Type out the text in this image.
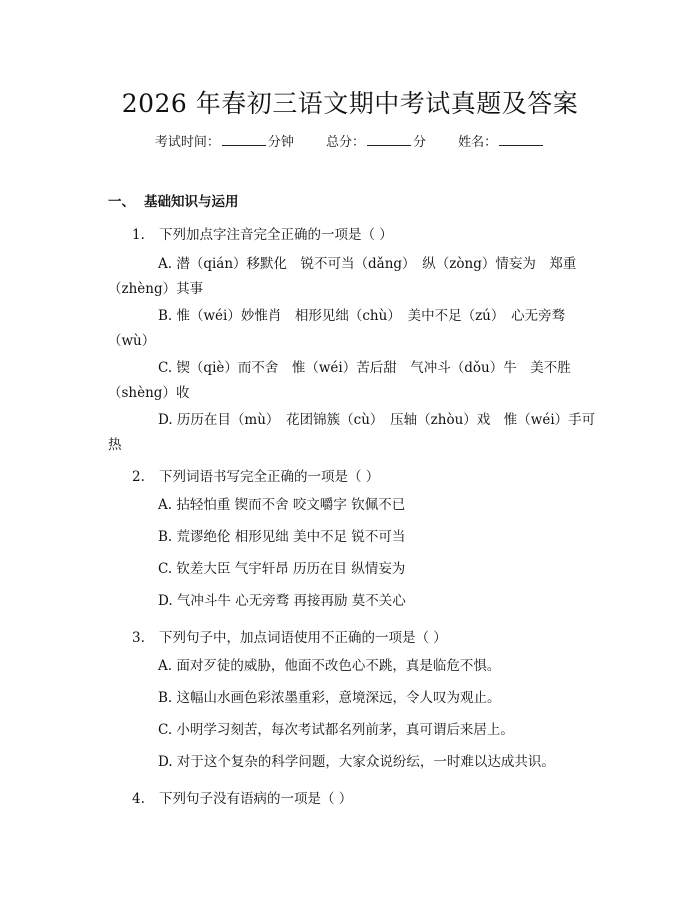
2026 年春初三语文期中考试真题及答案
考试时间：	分钟 总分：	分 姓名：
一、 基础知识与运用
1. 下列加点字注音完全正确的一项是（ ）
A. 潜（qián）移默化　锐不可当（dǎng）　纵（zòng）情妄为　郑重（zhèng）其事
B. 惟（wéi）妙惟肖　相形见绌（chù）　美中不足（zú）　心无旁骛（wù）
C. 锲（qiè）而不舍　惟（wéi）苦后甜　气冲斗（dǒu）牛　美不胜（shèng）收
D. 历历在目（mù）　花团锦簇（cù）　压轴（zhòu）戏　惟（wéi）手可热
2. 下列词语书写完全正确的一项是（ ）
A. 拈轻怕重 锲而不舍 咬文嚼字 钦佩不已
B. 荒谬绝伦 相形见绌 美中不足 锐不可当
C. 钦差大臣 气宇轩昂 历历在目 纵情妄为
D. 气冲斗牛 心无旁骛 再接再励 莫不关心
3. 下列句子中，加点词语使用不正确的一项是（ ）
A. 面对歹徒的威胁，他面不改色心不跳，真是临危不惧。
B. 这幅山水画色彩浓墨重彩，意境深远，令人叹为观止。
C. 小明学习刻苦，每次考试都名列前茅，真可谓后来居上。
D. 对于这个复杂的科学问题，大家众说纷纭，一时难以达成共识。
4. 下列句子没有语病的一项是（ ）
